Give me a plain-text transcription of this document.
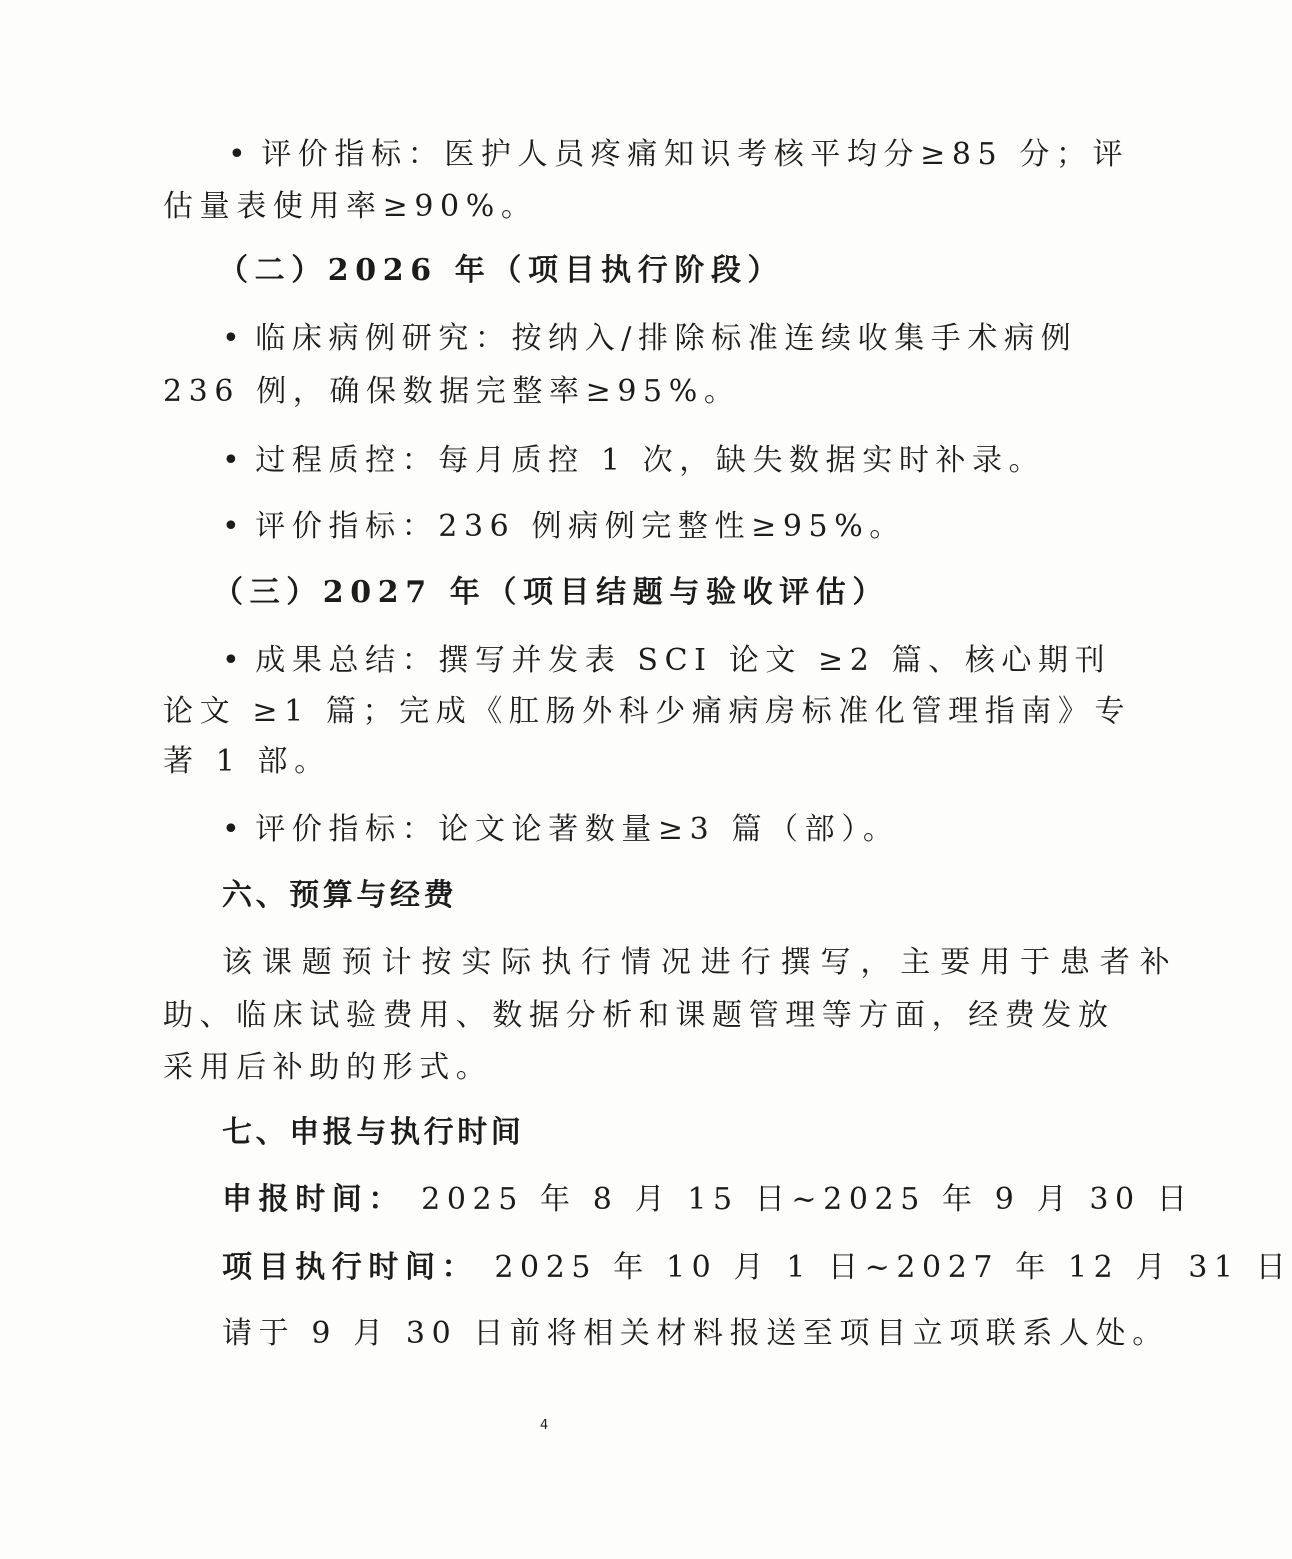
• 评价指标：医护人员疼痛知识考核平均分≥85 分；评
估量表使用率≥90%。
（二）2026 年（项目执行阶段）
• 临床病例研究：按纳入/排除标准连续收集手术病例
236 例，确保数据完整率≥95%。
• 过程质控：每月质控 1 次，缺失数据实时补录。
• 评价指标：236 例病例完整性≥95%。
（三）2027 年（项目结题与验收评估）
• 成果总结：撰写并发表 SCI 论文 ≥2 篇、核心期刊
论文 ≥1 篇；完成《肛肠外科少痛病房标准化管理指南》专
著 1 部。
• 评价指标：论文论著数量≥3 篇（部）。
六、预算与经费
该课题预计按实际执行情况进行撰写，主要用于患者补
助、临床试验费用、数据分析和课题管理等方面，经费发放
采用后补助的形式。
七、申报与执行时间
申报时间： 2025 年 8 月 15 日~2025 年 9 月 30 日
项目执行时间： 2025 年 10 月 1 日~2027 年 12 月 31 日
请于 9 月 30 日前将相关材料报送至项目立项联系人处。
4
